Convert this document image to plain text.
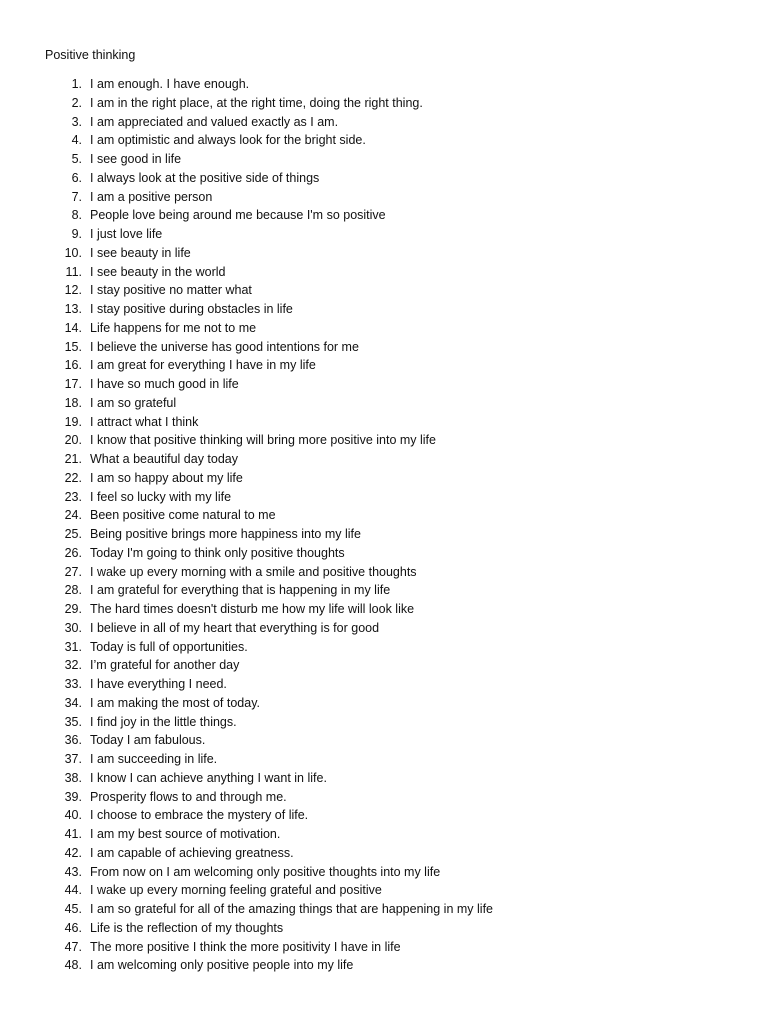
Positive thinking
1. I am enough. I have enough.
2. I am in the right place, at the right time, doing the right thing.
3. I am appreciated and valued exactly as I am.
4. I am optimistic and always look for the bright side.
5. I see good in life
6. I always look at the positive side of things
7. I am a positive person
8. People love being around me because I'm so positive
9. I just love life
10. I see beauty in life
11. I see beauty in the world
12. I stay positive no matter what
13. I stay positive during obstacles in life
14. Life happens for me not to me
15. I believe the universe has good intentions for me
16. I am great for everything I have in my life
17. I have so much good in life
18. I am so grateful
19. I attract what I think
20. I know that positive thinking will bring more positive into my life
21. What a beautiful day today
22. I am so happy about my life
23. I feel so lucky with my life
24. Been positive come natural to me
25. Being positive brings more happiness into my life
26. Today I'm going to think only positive thoughts
27. I wake up every morning with a smile and positive thoughts
28. I am grateful for everything that is happening in my life
29. The hard times doesn't disturb me how my life will look like
30. I believe in all of my heart that everything is for good
31. Today is full of opportunities.
32. I’m grateful for another day
33. I have everything I need.
34. I am making the most of today.
35. I find joy in the little things.
36. Today I am fabulous.
37. I am succeeding in life.
38. I know I can achieve anything I want in life.
39. Prosperity flows to and through me.
40. I choose to embrace the mystery of life.
41. I am my best source of motivation.
42. I am capable of achieving greatness.
43. From now on I am welcoming only positive thoughts into my life
44. I wake up every morning feeling grateful and positive
45. I am so grateful for all of the amazing things that are happening in my life
46. Life is the reflection of my thoughts
47. The more positive I think the more positivity I have in life
48. I am welcoming only positive people into my life
